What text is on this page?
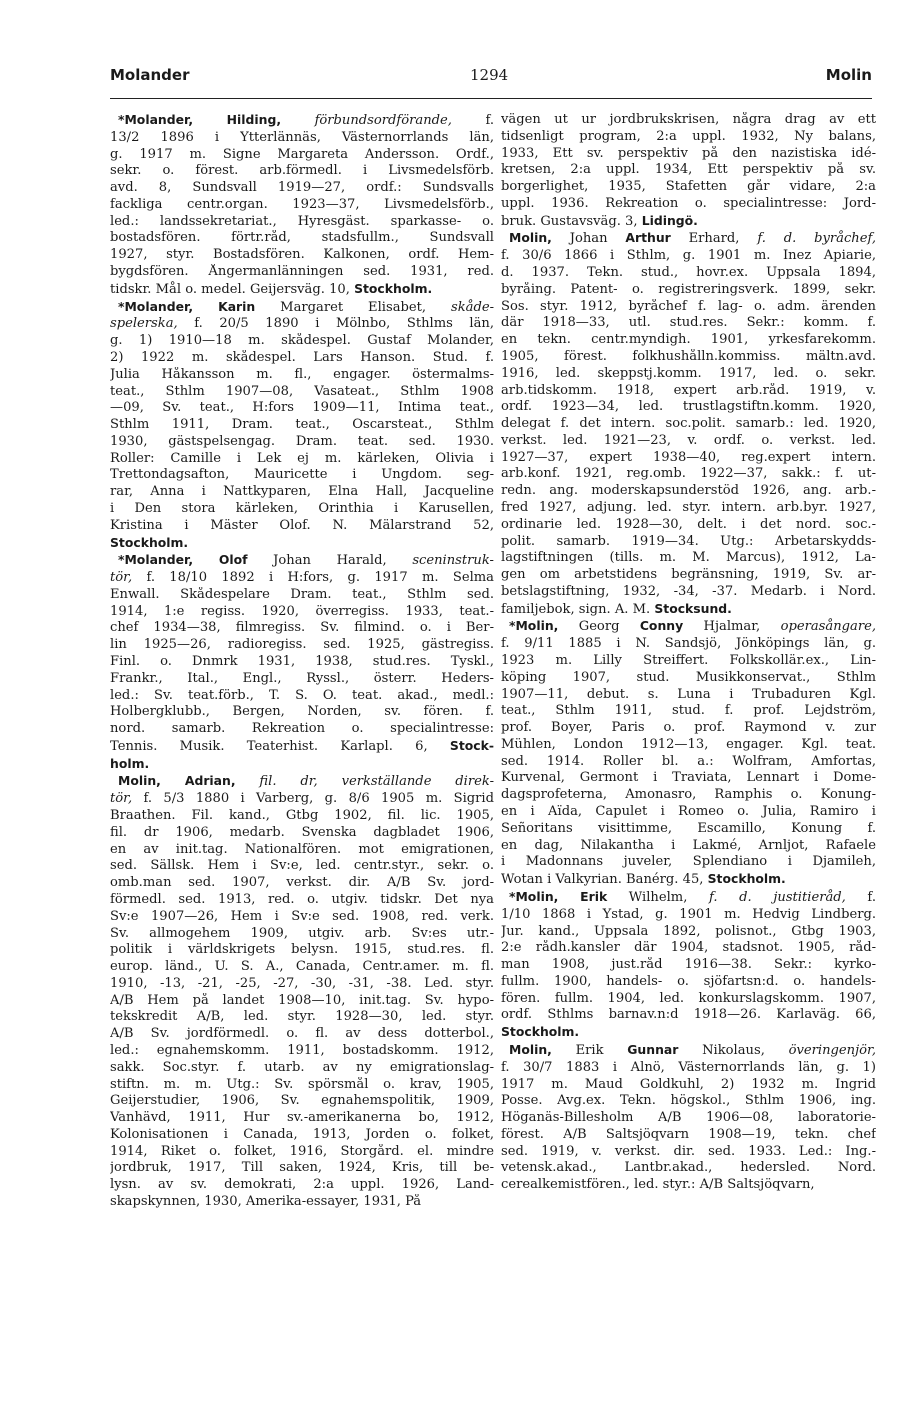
Molander	1294	Molin
*Molander, Hilding, förbundsordförande, f.
13/2 1896 i Ytterlännäs, Västernorrlands län,
g. 1917 m. Signe Margareta Andersson. Ordf.,
sekr. o. förest. arb.förmedl. i Livsmedelsförb.
avd. 8, Sundsvall 1919—27, ordf.: Sundsvalls
fackliga centr.organ. 1923—37, Livsmedelsförb.,
led.: landssekretariat., Hyresgäst. sparkasse- o.
bostadsfören. förtr.råd, stadsfullm., Sundsvall
1927, styr. Bostadsfören. Kalkonen, ordf. Hem-
bygdsfören. Ångermanlänningen sed. 1931, red.
tidskr. Mål o. medel. Geijersväg. 10, Stockholm.
*Molander, Karin Margaret Elisabet, skåde-
spelerska, f. 20/5 1890 i Mölnbo, Sthlms län,
g. 1) 1910—18 m. skådespel. Gustaf Molander,
2) 1922 m. skådespel. Lars Hanson. Stud. f.
Julia Håkansson m. fl., engager. östermalms-
teat., Sthlm 1907—08, Vasateat., Sthlm 1908
—09, Sv. teat., H:fors 1909—11, Intima teat.,
Sthlm 1911, Dram. teat., Oscarsteat., Sthlm
1930, gästspelsengag. Dram. teat. sed. 1930.
Roller: Camille i Lek ej m. kärleken, Olivia i
Trettondagsafton, Mauricette i Ungdom. seg-
rar, Anna i Nattkyparen, Elna Hall, Jacqueline
i Den stora kärleken, Orinthia i Karusellen,
Kristina i Mäster Olof. N. Mälarstrand 52,
Stockholm.
*Molander, Olof Johan Harald, sceninstruk-
tör, f. 18/10 1892 i H:fors, g. 1917 m. Selma
Enwall. Skådespelare Dram. teat., Sthlm sed.
1914, 1:e regiss. 1920, överregiss. 1933, teat.-
chef 1934—38, filmregiss. Sv. filmind. o. i Ber-
lin 1925—26, radioregiss. sed. 1925, gästregiss.
Finl. o. Dnmrk 1931, 1938, stud.res. Tyskl.,
Frankr., Ital., Engl., Ryssl., österr. Heders-
led.: Sv. teat.förb., T. S. O. teat. akad., medl.:
Holbergklubb., Bergen, Norden, sv. fören. f.
nord. samarb. Rekreation o. specialintresse:
Tennis. Musik. Teaterhist. Karlapl. 6, Stock-
holm.
Molin, Adrian, fil. dr, verkställande direk-
tör, f. 5/3 1880 i Varberg, g. 8/6 1905 m. Sigrid
Braathen. Fil. kand., Gtbg 1902, fil. lic. 1905,
fil. dr 1906, medarb. Svenska dagbladet 1906,
en av init.tag. Nationalfören. mot emigrationen,
sed. Sällsk. Hem i Sv:e, led. centr.styr., sekr. o.
omb.man sed. 1907, verkst. dir. A/B Sv. jord-
förmedl. sed. 1913, red. o. utgiv. tidskr. Det nya
Sv:e 1907—26, Hem i Sv:e sed. 1908, red. verk.
Sv. allmogehem 1909, utgiv. arb. Sv:es utr.-
politik i världskrigets belysn. 1915, stud.res. fl.
europ. länd., U. S. A., Canada, Centr.amer. m. fl.
1910, -13, -21, -25, -27, -30, -31, -38. Led. styr.
A/B Hem på landet 1908—10, init.tag. Sv. hypo-
tekskredit A/B, led. styr. 1928—30, led. styr.
A/B Sv. jordförmedl. o. fl. av dess dotterbol.,
led.: egnahemskomm. 1911, bostadskomm. 1912,
sakk. Soc.styr. f. utarb. av ny emigrationslag-
stiftn. m. m. Utg.: Sv. spörsmål o. krav, 1905,
Geijerstudier, 1906, Sv. egnahemspolitik, 1909,
Vanhävd, 1911, Hur sv.-amerikanerna bo, 1912,
Kolonisationen i Canada, 1913, Jorden o. folket,
1914, Riket o. folket, 1916, Storgård. el. mindre
jordbruk, 1917, Till saken, 1924, Kris, till be-
lysn. av sv. demokrati, 2:a uppl. 1926, Land-
skapskynnen, 1930, Amerika-essayer, 1931, På
vägen ut ur jordbrukskrisen, några drag av ett
tidsenligt program, 2:a uppl. 1932, Ny balans,
1933, Ett sv. perspektiv på den nazistiska idé-
kretsen, 2:a uppl. 1934, Ett perspektiv på sv.
borgerlighet, 1935, Stafetten går vidare, 2:a
uppl. 1936. Rekreation o. specialintresse: Jord-
bruk. Gustavsväg. 3, Lidingö.
Molin, Johan Arthur Erhard, f. d. byråchef,
f. 30/6 1866 i Sthlm, g. 1901 m. Inez Apiarie,
d. 1937. Tekn. stud., hovr.ex. Uppsala 1894,
byråing. Patent- o. registreringsverk. 1899, sekr.
Sos. styr. 1912, byråchef f. lag- o. adm. ärenden
där 1918—33, utl. stud.res. Sekr.: komm. f.
en tekn. centr.myndigh. 1901, yrkesfarekomm.
1905, förest. folkhushålln.kommiss. mältn.avd.
1916, led. skeppstj.komm. 1917, led. o. sekr.
arb.tidskomm. 1918, expert arb.råd. 1919, v.
ordf. 1923—34, led. trustlagstiftn.komm. 1920,
delegat f. det intern. soc.polit. samarb.: led. 1920,
verkst. led. 1921—23, v. ordf. o. verkst. led.
1927—37, expert 1938—40, reg.expert intern.
arb.konf. 1921, reg.omb. 1922—37, sakk.: f. ut-
redn. ang. moderskapsunderstöd 1926, ang. arb.-
fred 1927, adjung. led. styr. intern. arb.byr. 1927,
ordinarie led. 1928—30, delt. i det nord. soc.-
polit. samarb. 1919—34. Utg.: Arbetarskydds-
lagstiftningen (tills. m. M. Marcus), 1912, La-
gen om arbetstidens begränsning, 1919, Sv. ar-
betslagstiftning, 1932, -34, -37. Medarb. i Nord.
familjebok, sign. A. M. Stocksund.
*Molin, Georg Conny Hjalmar, operasångare,
f. 9/11 1885 i N. Sandsjö, Jönköpings län, g.
1923 m. Lilly Streiffert. Folkskollär.ex., Lin-
köping 1907, stud. Musikkonservat., Sthlm
1907—11, debut. s. Luna i Trubaduren Kgl.
teat., Sthlm 1911, stud. f. prof. Lejdström,
prof. Boyer, Paris o. prof. Raymond v. zur
Mühlen, London 1912—13, engager. Kgl. teat.
sed. 1914. Roller bl. a.: Wolfram, Amfortas,
Kurvenal, Germont i Traviata, Lennart i Dome-
dagsprofeterna, Amonasro, Ramphis o. Konung-
en i Aïda, Capulet i Romeo o. Julia, Ramiro i
Señoritans visittimme, Escamillo, Konung f.
en dag, Nilakantha i Lakmé, Arnljot, Rafaele
i Madonnans juveler, Splendiano i Djamileh,
Wotan i Valkyrian. Banérg. 45, Stockholm.
*Molin, Erik Wilhelm, f. d. justitieråd, f.
1/10 1868 i Ystad, g. 1901 m. Hedvig Lindberg.
Jur. kand., Uppsala 1892, polisnot., Gtbg 1903,
2:e rådh.kansler där 1904, stadsnot. 1905, råd-
man 1908, just.råd 1916—38. Sekr.: kyrko-
fullm. 1900, handels- o. sjöfartsn:d. o. handels-
fören. fullm. 1904, led. konkurslagskomm. 1907,
ordf. Sthlms barnav.n:d 1918—26. Karlaväg. 66,
Stockholm.
Molin, Erik Gunnar Nikolaus, överingenjör,
f. 30/7 1883 i Alnö, Västernorrlands län, g. 1)
1917 m. Maud Goldkuhl, 2) 1932 m. Ingrid
Posse. Avg.ex. Tekn. högskol., Sthlm 1906, ing.
Höganäs-Billesholm A/B 1906—08, laboratorie-
förest. A/B Saltsjöqvarn 1908—19, tekn. chef
sed. 1919, v. verkst. dir. sed. 1933. Led.: Ing.-
vetensk.akad., Lantbr.akad., hedersled. Nord.
cerealkemistfören., led. styr.: A/B Saltsjöqvarn,
